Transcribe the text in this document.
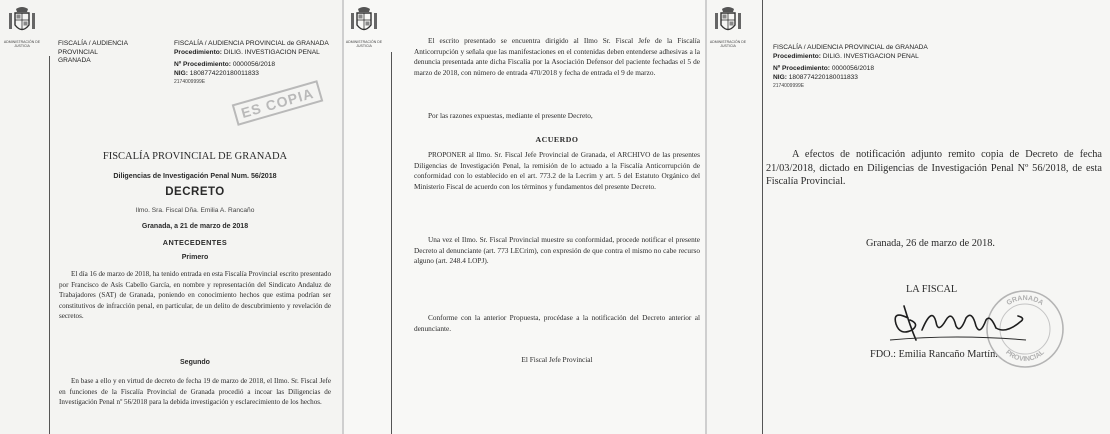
ADMINISTRACIÓN DE JUSTICIA	FISCALÍA / AUDIENCIA PROVINCIAL
GRANADA
FISCALÍA / AUDIENCIA PROVINCIAL de GRANADA
Procedimiento: DILIG. INVESTIGACION PENAL
Nº Procedimiento: 0000056/2018
NIG: 1808774220180011833
2174009999E
ES COPIA
FISCALÍA PROVINCIAL DE GRANADA
Diligencias de Investigación Penal Num. 56/2018
DECRETO
Ilmo. Sra. Fiscal Dña. Emilia A. Rancaño
Granada, a 21 de marzo de 2018
ANTECEDENTES
Primero
El día 16 de marzo de 2018, ha tenido entrada en esta Fiscalía Provincial escrito presentado por Francisco de Asís Cabello García, en nombre y representación del Sindicato Andaluz de Trabajadores (SAT) de Granada, poniendo en conocimiento hechos que estima podrían ser constitutivos de infracción penal, en particular, de un delito de descubrimiento y revelación de secretos.
Segundo
En base a ello y en virtud de decreto de fecha 19 de marzo de 2018, el Ilmo. Sr. Fiscal Jefe en funciones de la Fiscalía Provincial de Granada procedió a incoar las Diligencias de Investigación Penal nº 56/2018 para la debida investigación y esclarecimiento de los hechos.
ADMINISTRACIÓN DE JUSTICIA
El escrito presentado se encuentra dirigido al Ilmo Sr. Fiscal Jefe de la Fiscalía Anticorrupción y señala que las manifestaciones en el contenidas deben entenderse adhesivas a la denuncia presentada ante dicha Fiscalía por la Asociación Defensor del paciente fechadas el 5 de marzo de 2018, con número de entrada 470/2018 y fecha de entrada el 9 de marzo.
Por las razones expuestas, mediante el presente Decreto,
ACUERDO
PROPONER al Ilmo. Sr. Fiscal Jefe Provincial de Granada, el ARCHIVO de las presentes Diligencias de Investigación Penal, la remisión de lo actuado a la Fiscalía Anticorrupción de conformidad con lo establecido en el art. 773.2 de la Lecrim y art. 5 del Estatuto Orgánico del Ministerio Fiscal de acuerdo con los términos y fundamentos del presente Decreto.
Una vez el Ilmo. Sr. Fiscal Provincial muestre su conformidad, procede notificar el presente Decreto al denunciante (art. 773 LECrim), con expresión de que contra el mismo no cabe recurso alguno (art. 248.4 LOPJ).
Conforme con la anterior Propuesta, procédase a la notificación del Decreto anterior al denunciante.
El Fiscal Jefe Provincial
ADMINISTRACIÓN DE JUSTICIA	FISCALÍA / AUDIENCIA PROVINCIAL de GRANADA
Procedimiento: DILIG. INVESTIGACION PENAL
Nº Procedimiento: 0000056/2018
NIG: 1808774220180011833
2174009999E
A efectos de notificación adjunto remito copia de Decreto de fecha 21/03/2018, dictado en Diligencias de Investigación Penal Nº 56/2018, de esta Fiscalía Provincial.
Granada, 26 de marzo de 2018.
LA FISCAL
GRANADA
PROVINCIAL
FDO.: Emilia Rancaño Martín.
